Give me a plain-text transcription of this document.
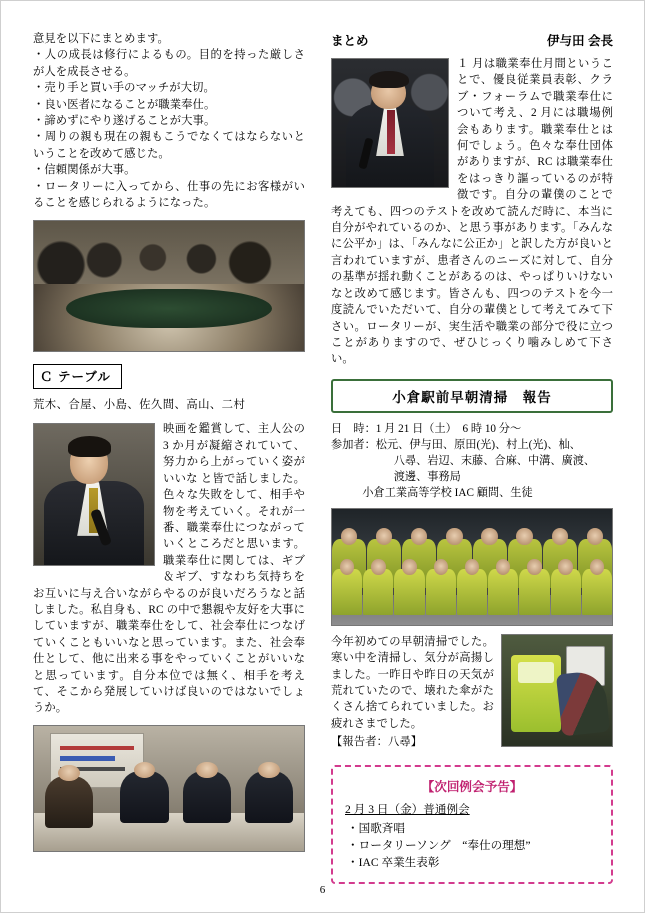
意見を以下にまとめます。

・人の成長は修行によるもの。目的を持った厳しさが人を成長させる。

・売り手と買い手のマッチが大切。

・良い医者になることが職業奉仕。

・諦めずにやり遂げることが大事。

・周りの親も現在の親もこうでなくてはならないということを改めて感じた。

・信頼関係が大事。

・ロータリーに入ってから、仕事の先にお客様がいることを感じられるようになった。

Ｃ テーブル
荒木、合屋、小島、佐久間、高山、二村
映画を鑑賞して、主人公の 3 か月が凝縮されていて、努力から上がっていく姿がいいな と皆で話しました。色々な失敗をして、相手や物を考えていく。それが一番、職業奉仕につながっていくところだと思います。職業奉仕に関しては、ギブ＆ギブ、すなわち気持ちをお互いに与え合いながらやるのが良いだろうなと話しました。私自身も、RC の中で懇親や友好を大事にしていますが、職業奉仕をして、社会奉仕につなげていくこともいいなと思っています。また、社会奉仕として、他に出来る事をやっていくことがいいなと思っています。自分本位では無く、相手を考えて、そこから発展していけば良いのではないでしょうか。
まとめ	伊与田 会長
１ 月は職業奉仕月間ということで、優良従業員表彰、クラブ・フォーラムで職業奉仕について考え、2 月には職場例会もあります。職業奉仕とは何でしょう。色々な奉仕団体がありますが、RC は職業奉仕をはっきり謳っているのが特徴です。自分の輩僕のことで考えても、四つのテストを改めて読んだ時に、本当に自分がやれているのか、と思う事があります。「みんなに公平か」は、「みんなに公正か」と訳した方が良いと言われていますが、患者さんのニーズに対して、自分の基準が揺れ動くことがあるのは、やっぱりいけないなと改めて感じます。皆さんも、四つのテストを今一度読んでいただいて、自分の輩僕として考えてみて下さい。ロータリーが、実生活や職業の部分で役に立つことがありますので、ぜひじっくり噛みしめて下さい。
小倉駅前早朝清掃　報告
日　時：1 月 21 日（土）　6 時 10 分～
参加者：松元、伊与田、原田(光)、村上(光)、杣、
八尋、岩辺、末藤、合麻、中溝、廣渡、
渡邊、事務局
小倉工業高等学校 IAC 顧問、生徒
今年初めての早朝清掃でした。寒い中を清掃し、気分が高揚しました。一昨日や昨日の天気が荒れていたので、壊れた傘がたくさん捨てられていました。お疲れさまでした。
【報告者：八尋】
【次回例会予告】
2 月 3 日（金）普通例会
・ 国歌斉唱
・ ロータリーソング　“奉仕の理想”
・ IAC 卒業生表彰
6
